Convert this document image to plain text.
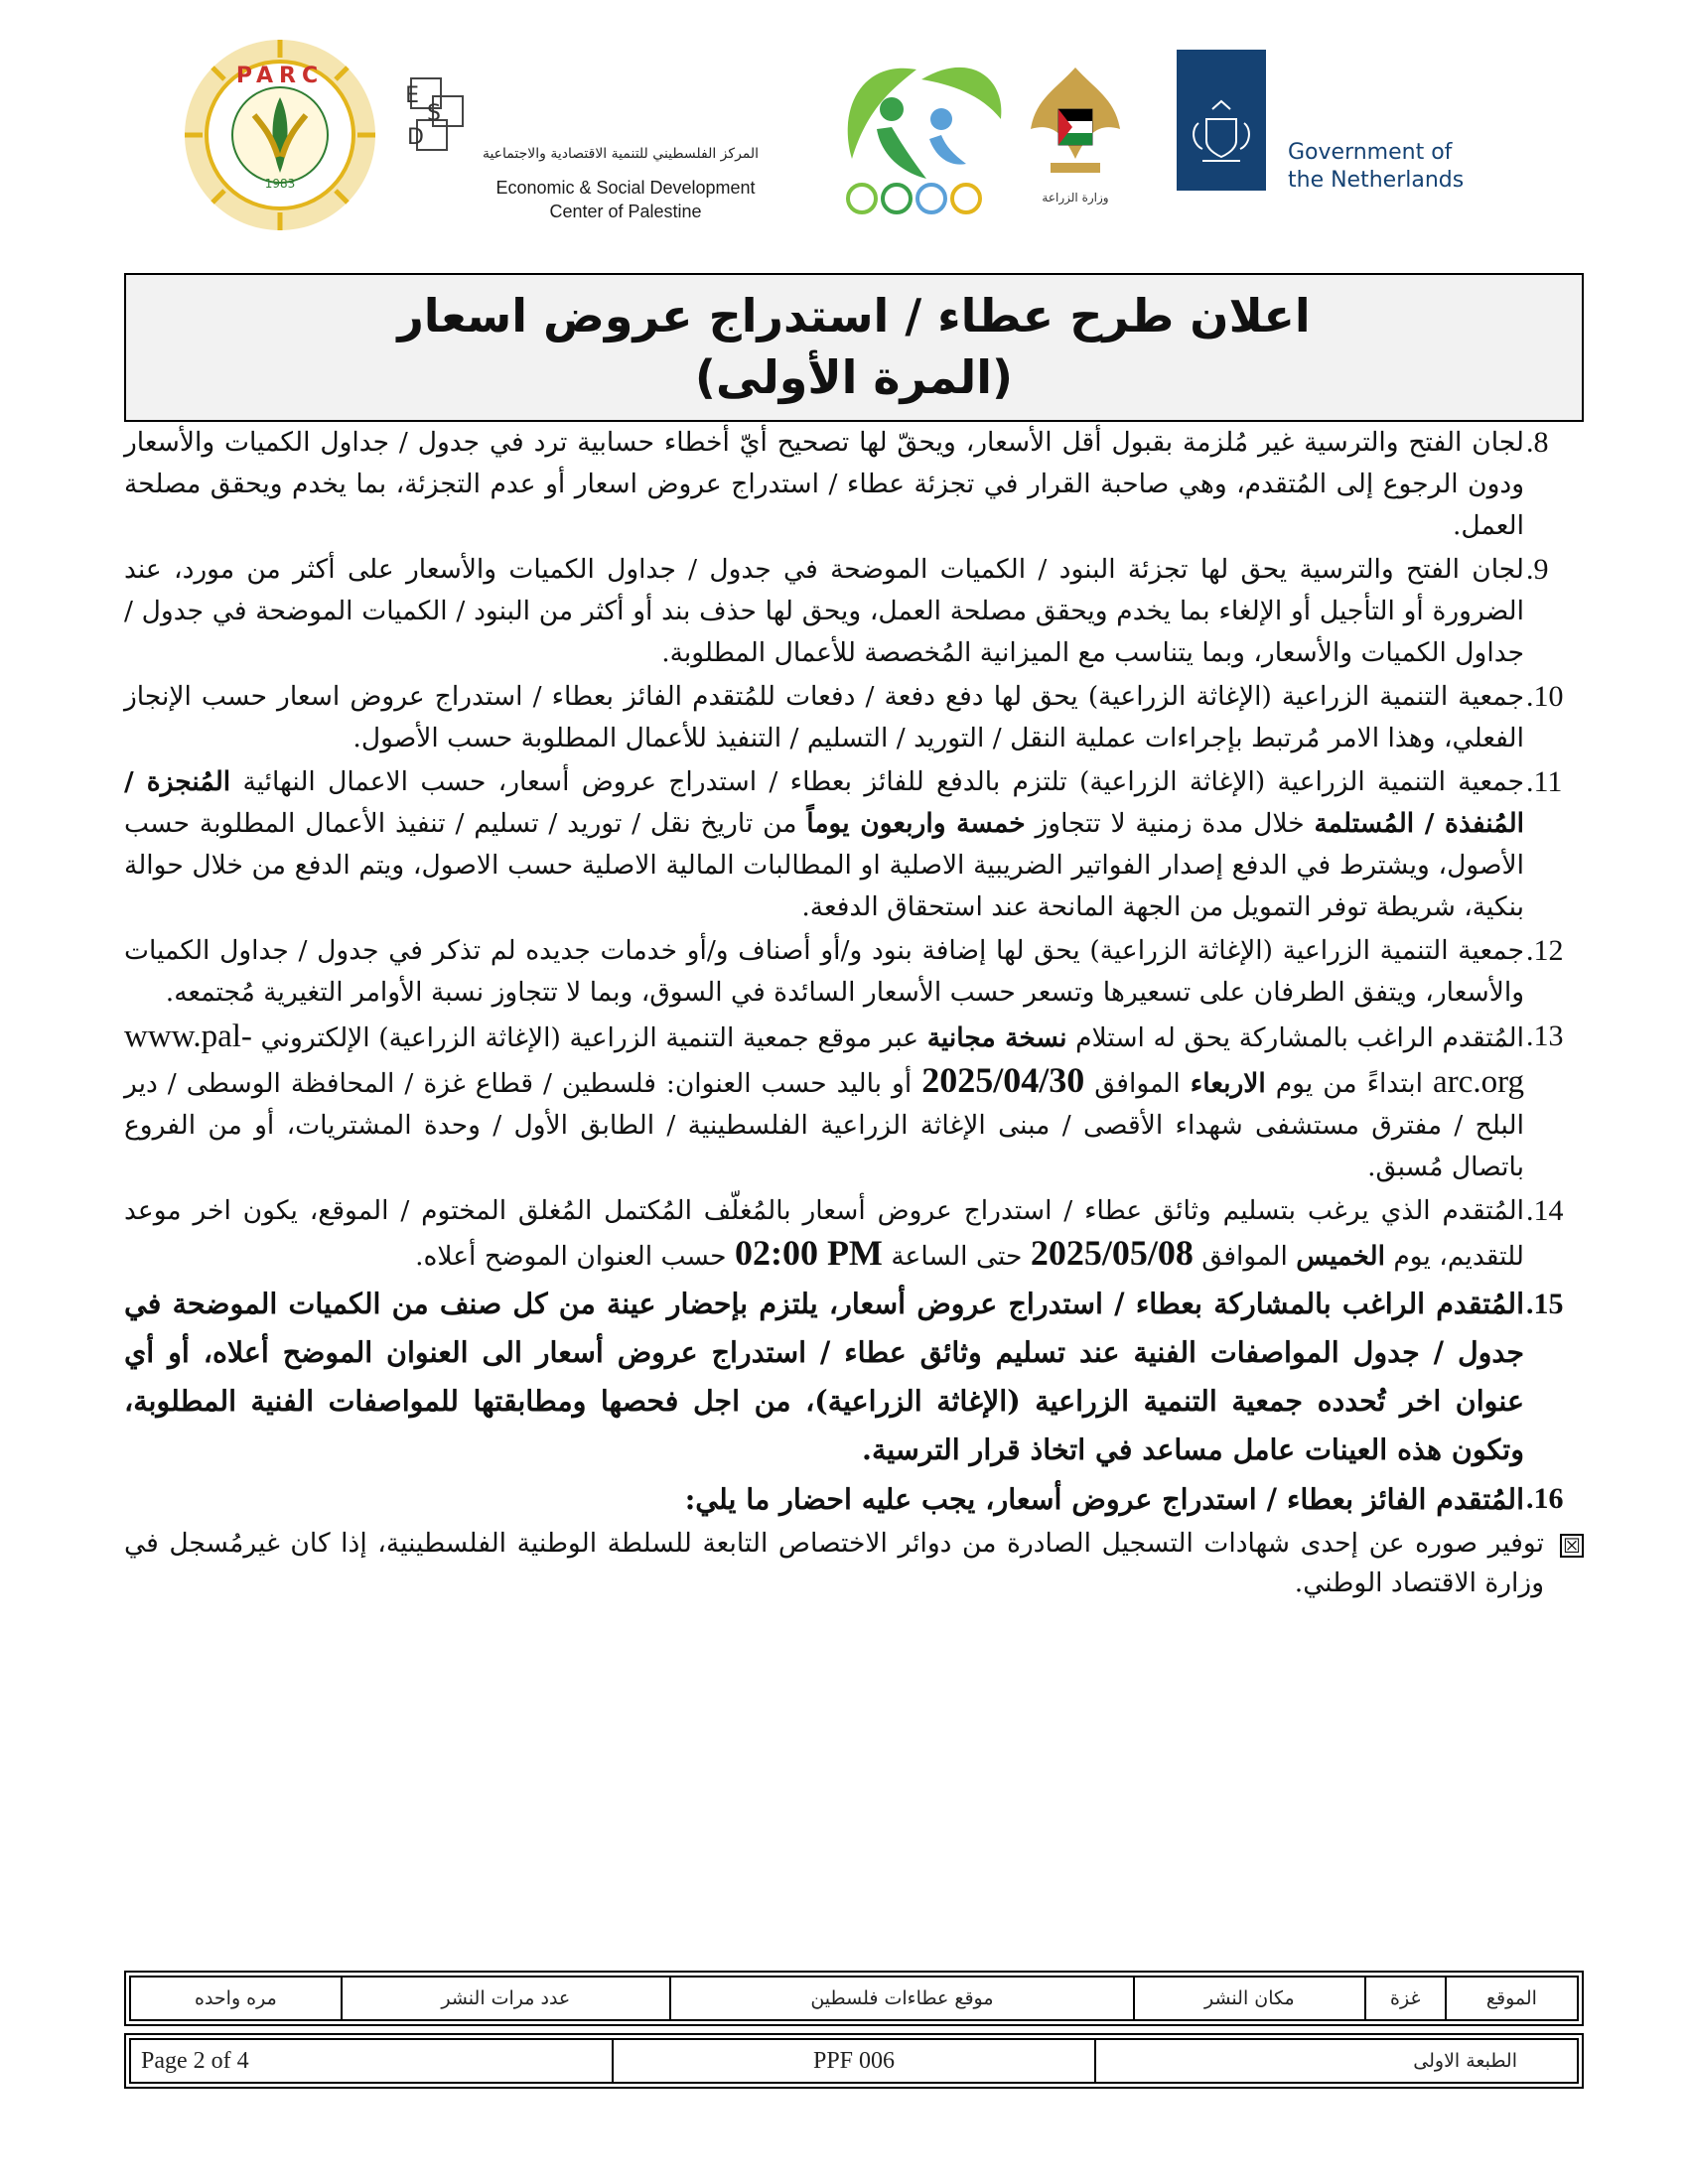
PARC
1983
E
S
D
المركز الفلسطيني للتنمية الاقتصادية والاجتماعية
Economic & Social Development
Center of Palestine
وزارة الزراعة
Government of
the Netherlands
اعلان طرح عطاء / استدراج عروض اسعار
(المرة الأولى)
.8
لجان الفتح والترسية غير مُلزمة بقبول أقل الأسعار، ويحقّ لها تصحيح أيّ أخطاء حسابية ترد في جدول / جداول الكميات والأسعار ودون الرجوع إلى المُتقدم، وهي صاحبة القرار في تجزئة عطاء / استدراج عروض اسعار أو عدم التجزئة، بما يخدم ويحقق مصلحة العمل.
.9
لجان الفتح والترسية يحق لها تجزئة البنود / الكميات الموضحة في جدول / جداول الكميات والأسعار على أكثر من مورد، عند الضرورة أو التأجيل أو الإلغاء بما يخدم ويحقق مصلحة العمل، ويحق لها حذف بند أو أكثر من البنود / الكميات الموضحة في جدول / جداول الكميات والأسعار، وبما يتناسب مع الميزانية المُخصصة للأعمال المطلوبة.
.10
جمعية التنمية الزراعية (الإغاثة الزراعية) يحق لها دفع دفعة / دفعات للمُتقدم الفائز بعطاء / استدراج عروض اسعار حسب الإنجاز الفعلي، وهذا الامر مُرتبط بإجراءات عملية النقل / التوريد / التسليم / التنفيذ للأعمال المطلوبة حسب الأصول.
.11
جمعية التنمية الزراعية (الإغاثة الزراعية) تلتزم بالدفع للفائز بعطاء / استدراج عروض أسعار، حسب الاعمال النهائية المُنجزة / المُنفذة / المُستلمة خلال مدة زمنية لا تتجاوز خمسة واربعون يوماً من تاريخ نقل / توريد / تسليم / تنفيذ الأعمال المطلوبة حسب الأصول، ويشترط في الدفع إصدار الفواتير الضريبية الاصلية او المطالبات المالية الاصلية حسب الاصول، ويتم الدفع من خلال حوالة بنكية، شريطة توفر التمويل من الجهة المانحة عند استحقاق الدفعة.
.12
جمعية التنمية الزراعية (الإغاثة الزراعية) يحق لها إضافة بنود و/أو أصناف و/أو خدمات جديده لم تذكر في جدول / جداول الكميات والأسعار، ويتفق الطرفان على تسعيرها وتسعر حسب الأسعار السائدة في السوق، وبما لا تتجاوز نسبة الأوامر التغيرية مُجتمعه.
.13
المُتقدم الراغب بالمشاركة يحق له استلام نسخة مجانية عبر موقع جمعية التنمية الزراعية (الإغاثة الزراعية) الإلكتروني www.pal-arc.org ابتداءً من يوم الاربعاء الموافق 2025/04/30 أو باليد حسب العنوان: فلسطين / قطاع غزة / المحافظة الوسطى / دير البلح / مفترق مستشفى شهداء الأقصى / مبنى الإغاثة الزراعية الفلسطينية / الطابق الأول / وحدة المشتريات، أو من الفروع باتصال مُسبق.
.14
المُتقدم الذي يرغب بتسليم وثائق عطاء / استدراج عروض أسعار بالمُغلّف المُكتمل المُغلق المختوم / الموقع، يكون اخر موعد للتقديم، يوم الخميس الموافق 2025/05/08 حتى الساعة 02:00 PM حسب العنوان الموضح أعلاه.
.15
المُتقدم الراغب بالمشاركة بعطاء / استدراج عروض أسعار، يلتزم بإحضار عينة من كل صنف من الكميات الموضحة في جدول / جدول المواصفات الفنية عند تسليم وثائق عطاء / استدراج عروض أسعار الى العنوان الموضح أعلاه، أو أي عنوان اخر تُحدده جمعية التنمية الزراعية (الإغاثة الزراعية)، من اجل فحصها ومطابقتها للمواصفات الفنية المطلوبة، وتكون هذه العينات عامل مساعد في اتخاذ قرار الترسية.
.16
المُتقدم الفائز بعطاء / استدراج عروض أسعار، يجب عليه احضار ما يلي:
☒
توفير صوره عن إحدى شهادات التسجيل الصادرة من دوائر الاختصاص التابعة للسلطة الوطنية الفلسطينية، إذا كان غيرمُسجل في وزارة الاقتصاد الوطني.
الموقع	غزة	مكان النشر	موقع عطاءات فلسطين	عدد مرات النشر	مره واحده
الطبعة الاولى	PPF 006	Page 2 of 4
